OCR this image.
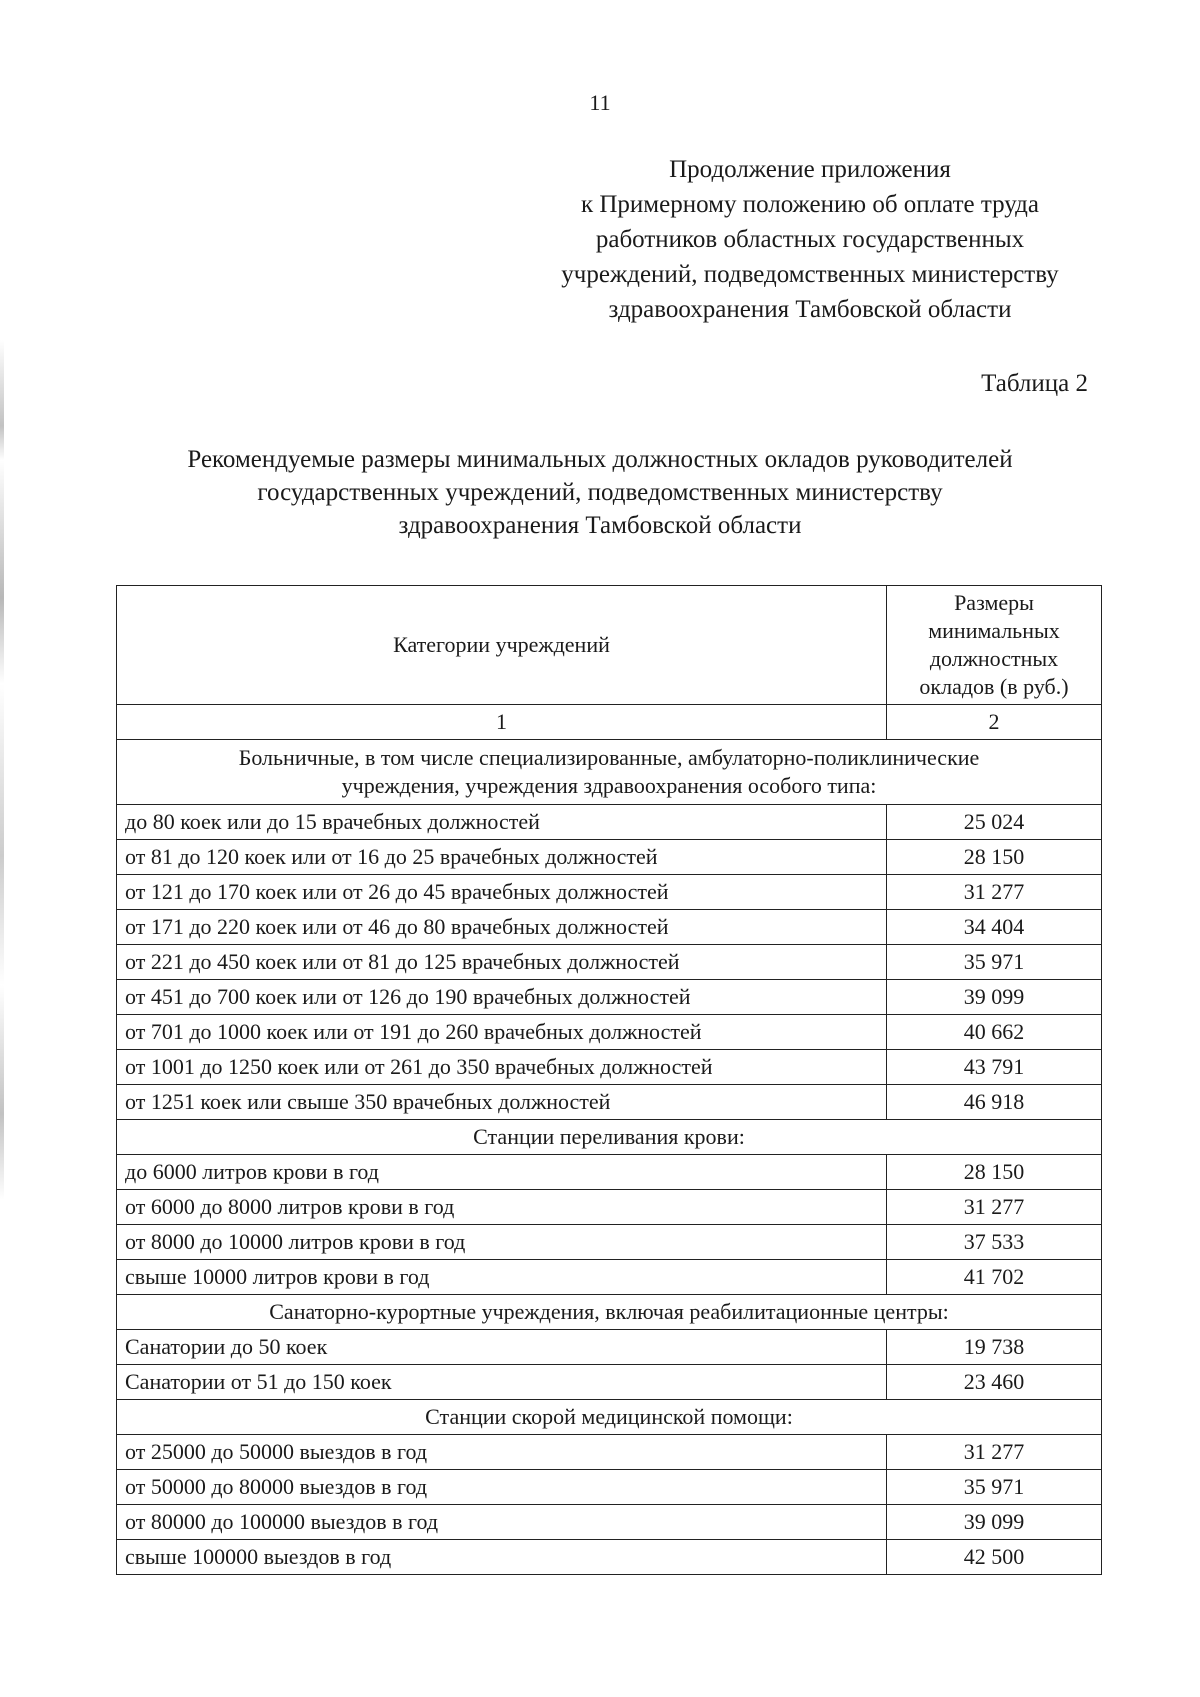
11
Продолжение приложения
к Примерному положению об оплате труда
работников областных государственных
учреждений, подведомственных министерству
здравоохранения Тамбовской области
Таблица 2
Рекомендуемые размеры минимальных должностных окладов руководителей
государственных учреждений, подведомственных министерству
здравоохранения Тамбовской области
Категории учреждений	Размеры
минимальных
должностных
окладов (в руб.)

1	2

Больничные, в том числе специализированные, амбулаторно-поликлинические
учреждения, учреждения здравоохранения особого типа:	

до 80 коек или до 15 врачебных должностей	25 024
от 81 до 120 коек или от 16 до 25 врачебных должностей	28 150
от 121 до 170 коек или от 26 до 45 врачебных должностей	31 277
от 171 до 220 коек или от 46 до 80 врачебных должностей	34 404
от 221 до 450 коек или от 81 до 125 врачебных должностей	35 971
от 451 до 700 коек или от 126 до 190 врачебных должностей	39 099
от 701 до 1000 коек или от 191 до 260 врачебных должностей	40 662
от 1001 до 1250 коек или от 261 до 350 врачебных должностей	43 791
от 1251 коек или свыше 350 врачебных должностей	46 918

Станции переливания крови:	

до 6000 литров крови в год	28 150
от 6000 до 8000 литров крови в год	31 277
от 8000 до 10000 литров крови в год	37 533
свыше 10000 литров крови в год	41 702

Санаторно-курортные учреждения, включая реабилитационные центры:	

Санатории до 50 коек	19 738
Санатории от 51 до 150 коек	23 460

Станции скорой медицинской помощи:	

от 25000 до 50000 выездов в год	31 277
от 50000 до 80000 выездов в год	35 971
от 80000 до 100000 выездов в год	39 099
свыше 100000 выездов в год	42 500
